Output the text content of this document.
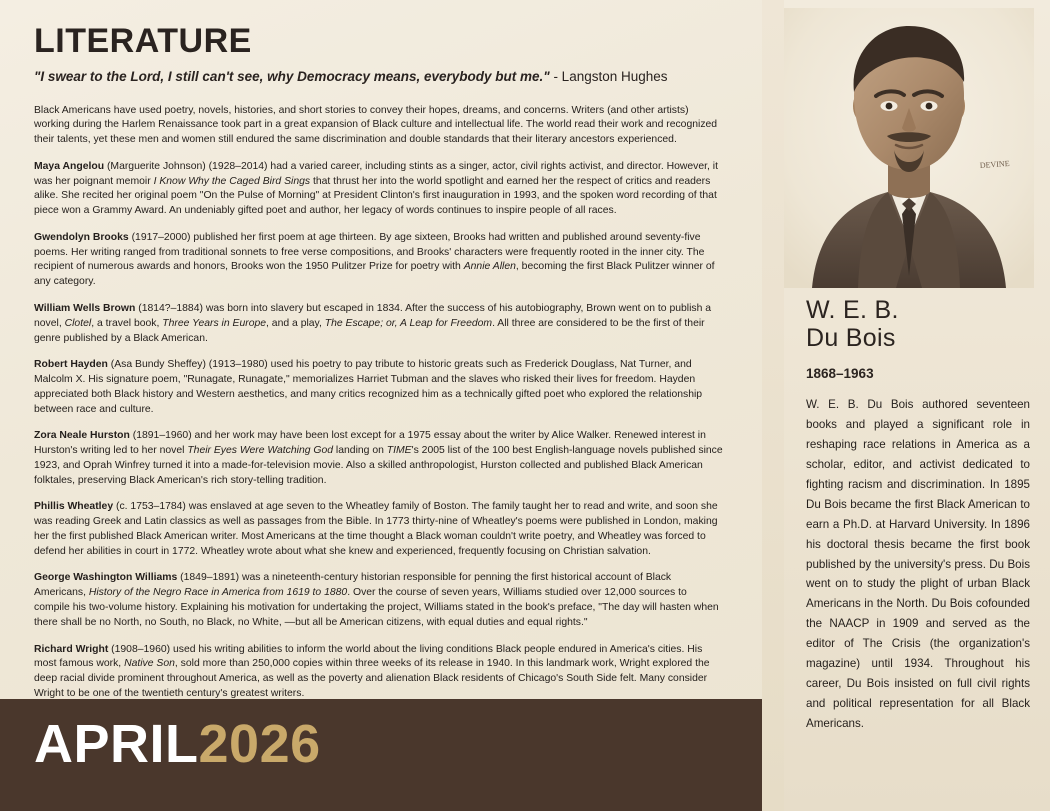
LITERATURE

"I swear to the Lord, I still can't see, why Democracy means, everybody but me." - Langston Hughes

Black Americans have used poetry, novels, histories, and short stories to convey their hopes, dreams, and concerns. Writers (and other artists) working during the Harlem Renaissance took part in a great expansion of Black culture and intellectual life. The world read their work and recognized their talents, yet these men and women still endured the same discrimination and double standards that their literary ancestors experienced.

Maya Angelou (Marguerite Johnson) (1928–2014) had a varied career, including stints as a singer, actor, civil rights activist, and director. However, it was her poignant memoir I Know Why the Caged Bird Sings that thrust her into the world spotlight and earned her the respect of critics and readers alike. She recited her original poem "On the Pulse of Morning" at President Clinton's first inauguration in 1993, and the spoken word recording of that piece won a Grammy Award. An undeniably gifted poet and author, her legacy of words continues to inspire people of all races.

Gwendolyn Brooks (1917–2000) published her first poem at age thirteen. By age sixteen, Brooks had written and published around seventy-five poems. Her writing ranged from traditional sonnets to free verse compositions, and Brooks' characters were frequently rooted in the inner city. The recipient of numerous awards and honors, Brooks won the 1950 Pulitzer Prize for poetry with Annie Allen, becoming the first Black Pulitzer winner of any category.

William Wells Brown (1814?–1884) was born into slavery but escaped in 1834. After the success of his autobiography, Brown went on to publish a novel, Clotel, a travel book, Three Years in Europe, and a play, The Escape; or, A Leap for Freedom. All three are considered to be the first of their genre published by a Black American.

Robert Hayden (Asa Bundy Sheffey) (1913–1980) used his poetry to pay tribute to historic greats such as Frederick Douglass, Nat Turner, and Malcolm X. His signature poem, "Runagate, Runagate," memorializes Harriet Tubman and the slaves who risked their lives for freedom. Hayden appreciated both Black history and Western aesthetics, and many critics recognized him as a technically gifted poet who explored the relationship between race and culture.

Zora Neale Hurston (1891–1960) and her work may have been lost except for a 1975 essay about the writer by Alice Walker. Renewed interest in Hurston's writing led to her novel Their Eyes Were Watching God landing on TIME's 2005 list of the 100 best English-language novels published since 1923, and Oprah Winfrey turned it into a made-for-television movie. Also a skilled anthropologist, Hurston collected and published Black American folktales, preserving Black American's rich story-telling tradition.

Phillis Wheatley (c. 1753–1784) was enslaved at age seven to the Wheatley family of Boston. The family taught her to read and write, and soon she was reading Greek and Latin classics as well as passages from the Bible. In 1773 thirty-nine of Wheatley's poems were published in London, making her the first published Black American writer. Most Americans at the time thought a Black woman couldn't write poetry, and Wheatley was forced to defend her abilities in court in 1772. Wheatley wrote about what she knew and experienced, frequently focusing on Christian salvation.

George Washington Williams (1849–1891) was a nineteenth-century historian responsible for penning the first historical account of Black Americans, History of the Negro Race in America from 1619 to 1880. Over the course of seven years, Williams studied over 12,000 sources to compile his two-volume history. Explaining his motivation for undertaking the project, Williams stated in the book's preface, "The day will hasten when there shall be no North, no South, no Black, no White, —but all be American citizens, with equal duties and equal rights."

Richard Wright (1908–1960) used his writing abilities to inform the world about the living conditions Black people endured in America's cities. His most famous work, Native Son, sold more than 250,000 copies within three weeks of its release in 1940. In this landmark work, Wright explored the deep racial divide prominent throughout America, as well as the poverty and alienation Black residents of Chicago's South Side felt. Many consider Wright to be one of the twentieth century's greatest writers.

APRIL2026
DEVINE
W. E. B.
Du Bois
1868–1963

W. E. B. Du Bois authored seventeen books and played a significant role in reshaping race relations in America as a scholar, editor, and activist dedicated to fighting racism and discrimination. In 1895 Du Bois became the first Black American to earn a Ph.D. at Harvard University. In 1896 his doctoral thesis became the first book published by the university's press. Du Bois went on to study the plight of urban Black Americans in the North. Du Bois cofounded the NAACP in 1909 and served as the editor of The Crisis (the organization's magazine) until 1934. Throughout his career, Du Bois insisted on full civil rights and political representation for all Black Americans.
